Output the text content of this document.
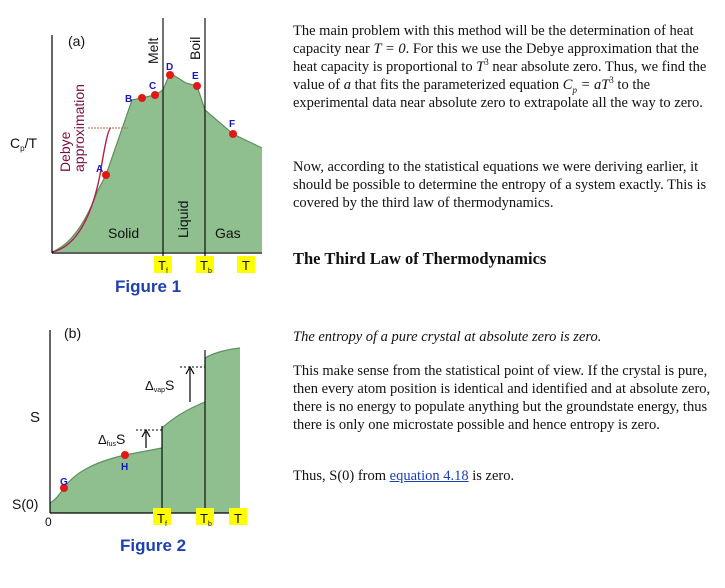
$T_f$ $T_b$ T
(a)
$C_p/T$ Debye
approximation
Melt Boil
Solid	Liquid Gas
A
B
C
D
E
F
Figure 1
$T_f$	$T_b$ T
(b)
S
S(0)
0
ΔfusS
ΔvapS
G
H
Figure 2

The main problem with this method will be the determination of heat capacity near T = 0. For this we use the Debye approximation that the heat capacity is proportional to $T^3$ near absolute zero. Thus, we find the value of a that fits the parameterized equation $C_p = aT^3$ to the experimental data near absolute zero to extrapolate all the way to zero.

Now, according to the statistical equations we were deriving earlier, it should be possible to determine the entropy of a system exactly. This is covered by the third law of thermodynamics.

The Third Law of Thermodynamics

The entropy of a pure crystal at absolute zero is zero.

This make sense from the statistical point of view. If the crystal is pure, then every atom position is identical and identified and at absolute zero, there is no energy to populate anything but the groundstate energy, thus there is only one microstate possible and hence entropy is zero.

Thus, S(0) from equation 4.18 is zero.
